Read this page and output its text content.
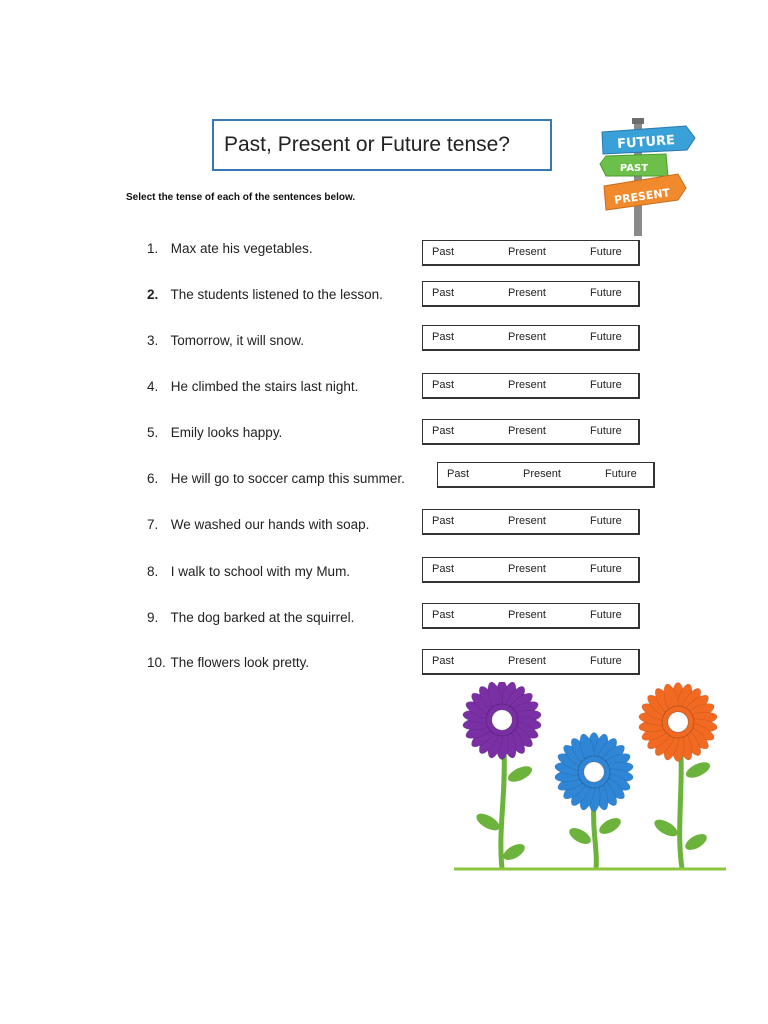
Past, Present or Future tense?
Select the tense of each of the sentences below.
FUTURE
PAST
PRESENT
1. Max ate his vegetables.	Past	Present	Future
2. The students listened to the lesson.	Past	Present	Future
3. Tomorrow, it will snow.	Past	Present	Future
4. He climbed the stairs last night.	Past	Present	Future
5. Emily looks happy.	Past	Present	Future
6. He will go to soccer camp this summer.	Past	Present	Future
7. We washed our hands with soap.	Past	Present	Future
8. I walk to school with my Mum.	Past	Present	Future
9. The dog barked at the squirrel.	Past	Present	Future
10. The flowers look pretty.	Past	Present	Future
